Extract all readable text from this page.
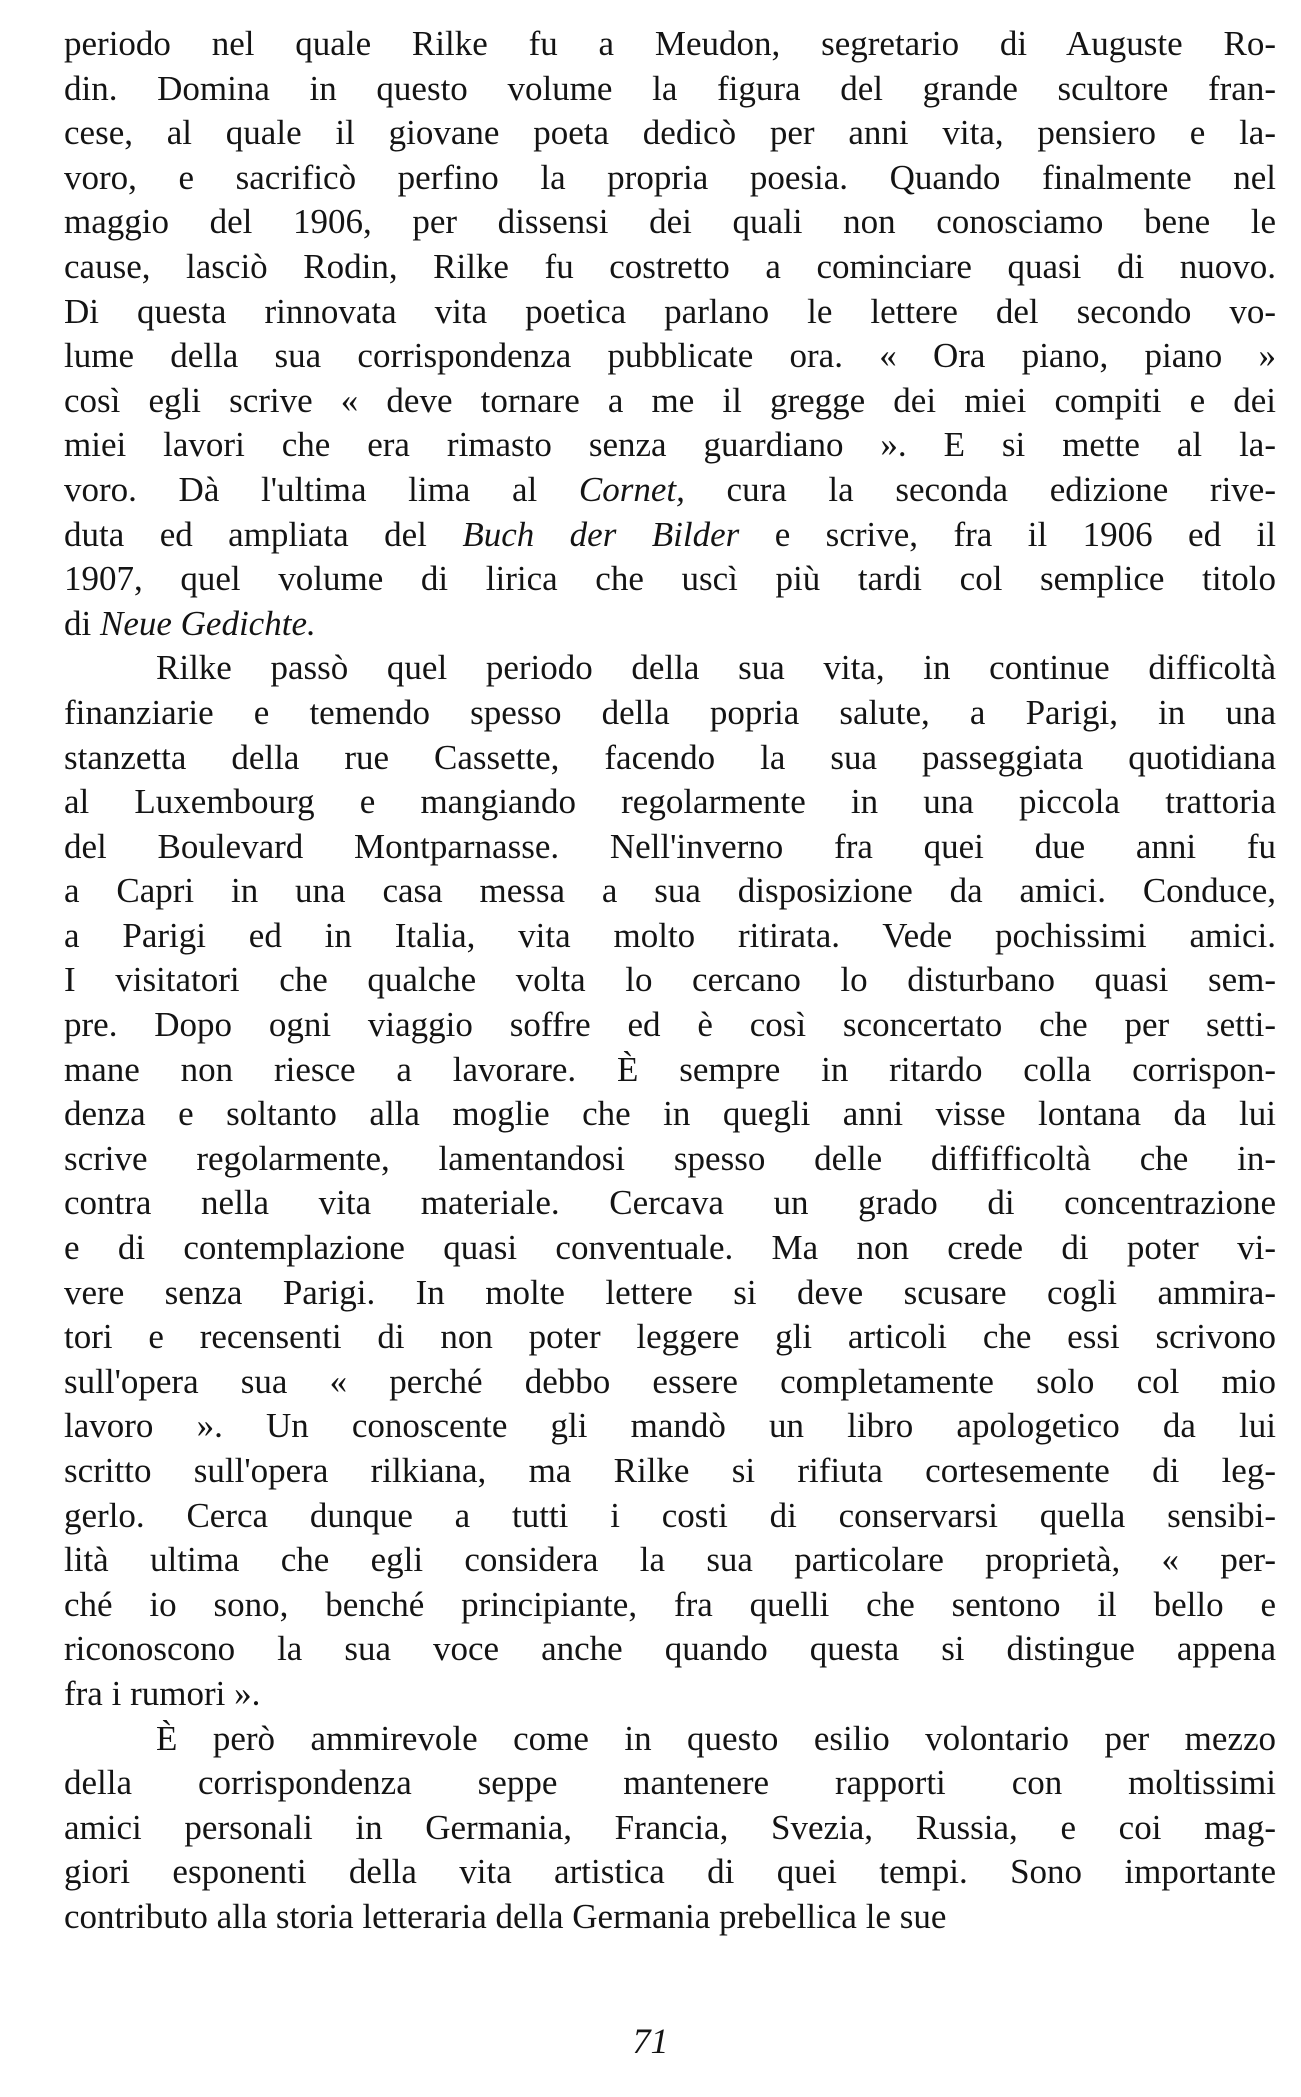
periodo nel quale Rilke fu a Meudon, segretario di Auguste Ro-
din. Domina in questo volume la figura del grande scultore fran-
cese, al quale il giovane poeta dedicò per anni vita, pensiero e la-
voro, e sacrificò perfino la propria poesia. Quando finalmente nel
maggio del 1906, per dissensi dei quali non conosciamo bene le
cause, lasciò Rodin, Rilke fu costretto a cominciare quasi di nuovo.
Di questa rinnovata vita poetica parlano le lettere del secondo vo-
lume della sua corrispondenza pubblicate ora. « Ora piano, piano »
così egli scrive « deve tornare a me il gregge dei miei compiti e dei
miei lavori che era rimasto senza guardiano ». E si mette al la-
voro. Dà l'ultima lima al Cornet, cura la seconda edizione rive-
duta ed ampliata del Buch der Bilder e scrive, fra il 1906 ed il
1907, quel volume di lirica che uscì più tardi col semplice titolo
di Neue Gedichte.
Rilke passò quel periodo della sua vita, in continue difficoltà
finanziarie e temendo spesso della popria salute, a Parigi, in una
stanzetta della rue Cassette, facendo la sua passeggiata quotidiana
al Luxembourg e mangiando regolarmente in una piccola trattoria
del Boulevard Montparnasse. Nell'inverno fra quei due anni fu
a Capri in una casa messa a sua disposizione da amici. Conduce,
a Parigi ed in Italia, vita molto ritirata. Vede pochissimi amici.
I visitatori che qualche volta lo cercano lo disturbano quasi sem-
pre. Dopo ogni viaggio soffre ed è così sconcertato che per setti-
mane non riesce a lavorare. È sempre in ritardo colla corrispon-
denza e soltanto alla moglie che in quegli anni visse lontana da lui
scrive regolarmente, lamentandosi spesso delle diffifficoltà che in-
contra nella vita materiale. Cercava un grado di concentrazione
e di contemplazione quasi conventuale. Ma non crede di poter vi-
vere senza Parigi. In molte lettere si deve scusare cogli ammira-
tori e recensenti di non poter leggere gli articoli che essi scrivono
sull'opera sua « perché debbo essere completamente solo col mio
lavoro ». Un conoscente gli mandò un libro apologetico da lui
scritto sull'opera rilkiana, ma Rilke si rifiuta cortesemente di leg-
gerlo. Cerca dunque a tutti i costi di conservarsi quella sensibi-
lità ultima che egli considera la sua particolare proprietà, « per-
ché io sono, benché principiante, fra quelli che sentono il bello e
riconoscono la sua voce anche quando questa si distingue appena
fra i rumori ».
È però ammirevole come in questo esilio volontario per mezzo
della corrispondenza seppe mantenere rapporti con moltissimi
amici personali in Germania, Francia, Svezia, Russia, e coi mag-
giori esponenti della vita artistica di quei tempi. Sono importante
contributo alla storia letteraria della Germania prebellica le sue
71
